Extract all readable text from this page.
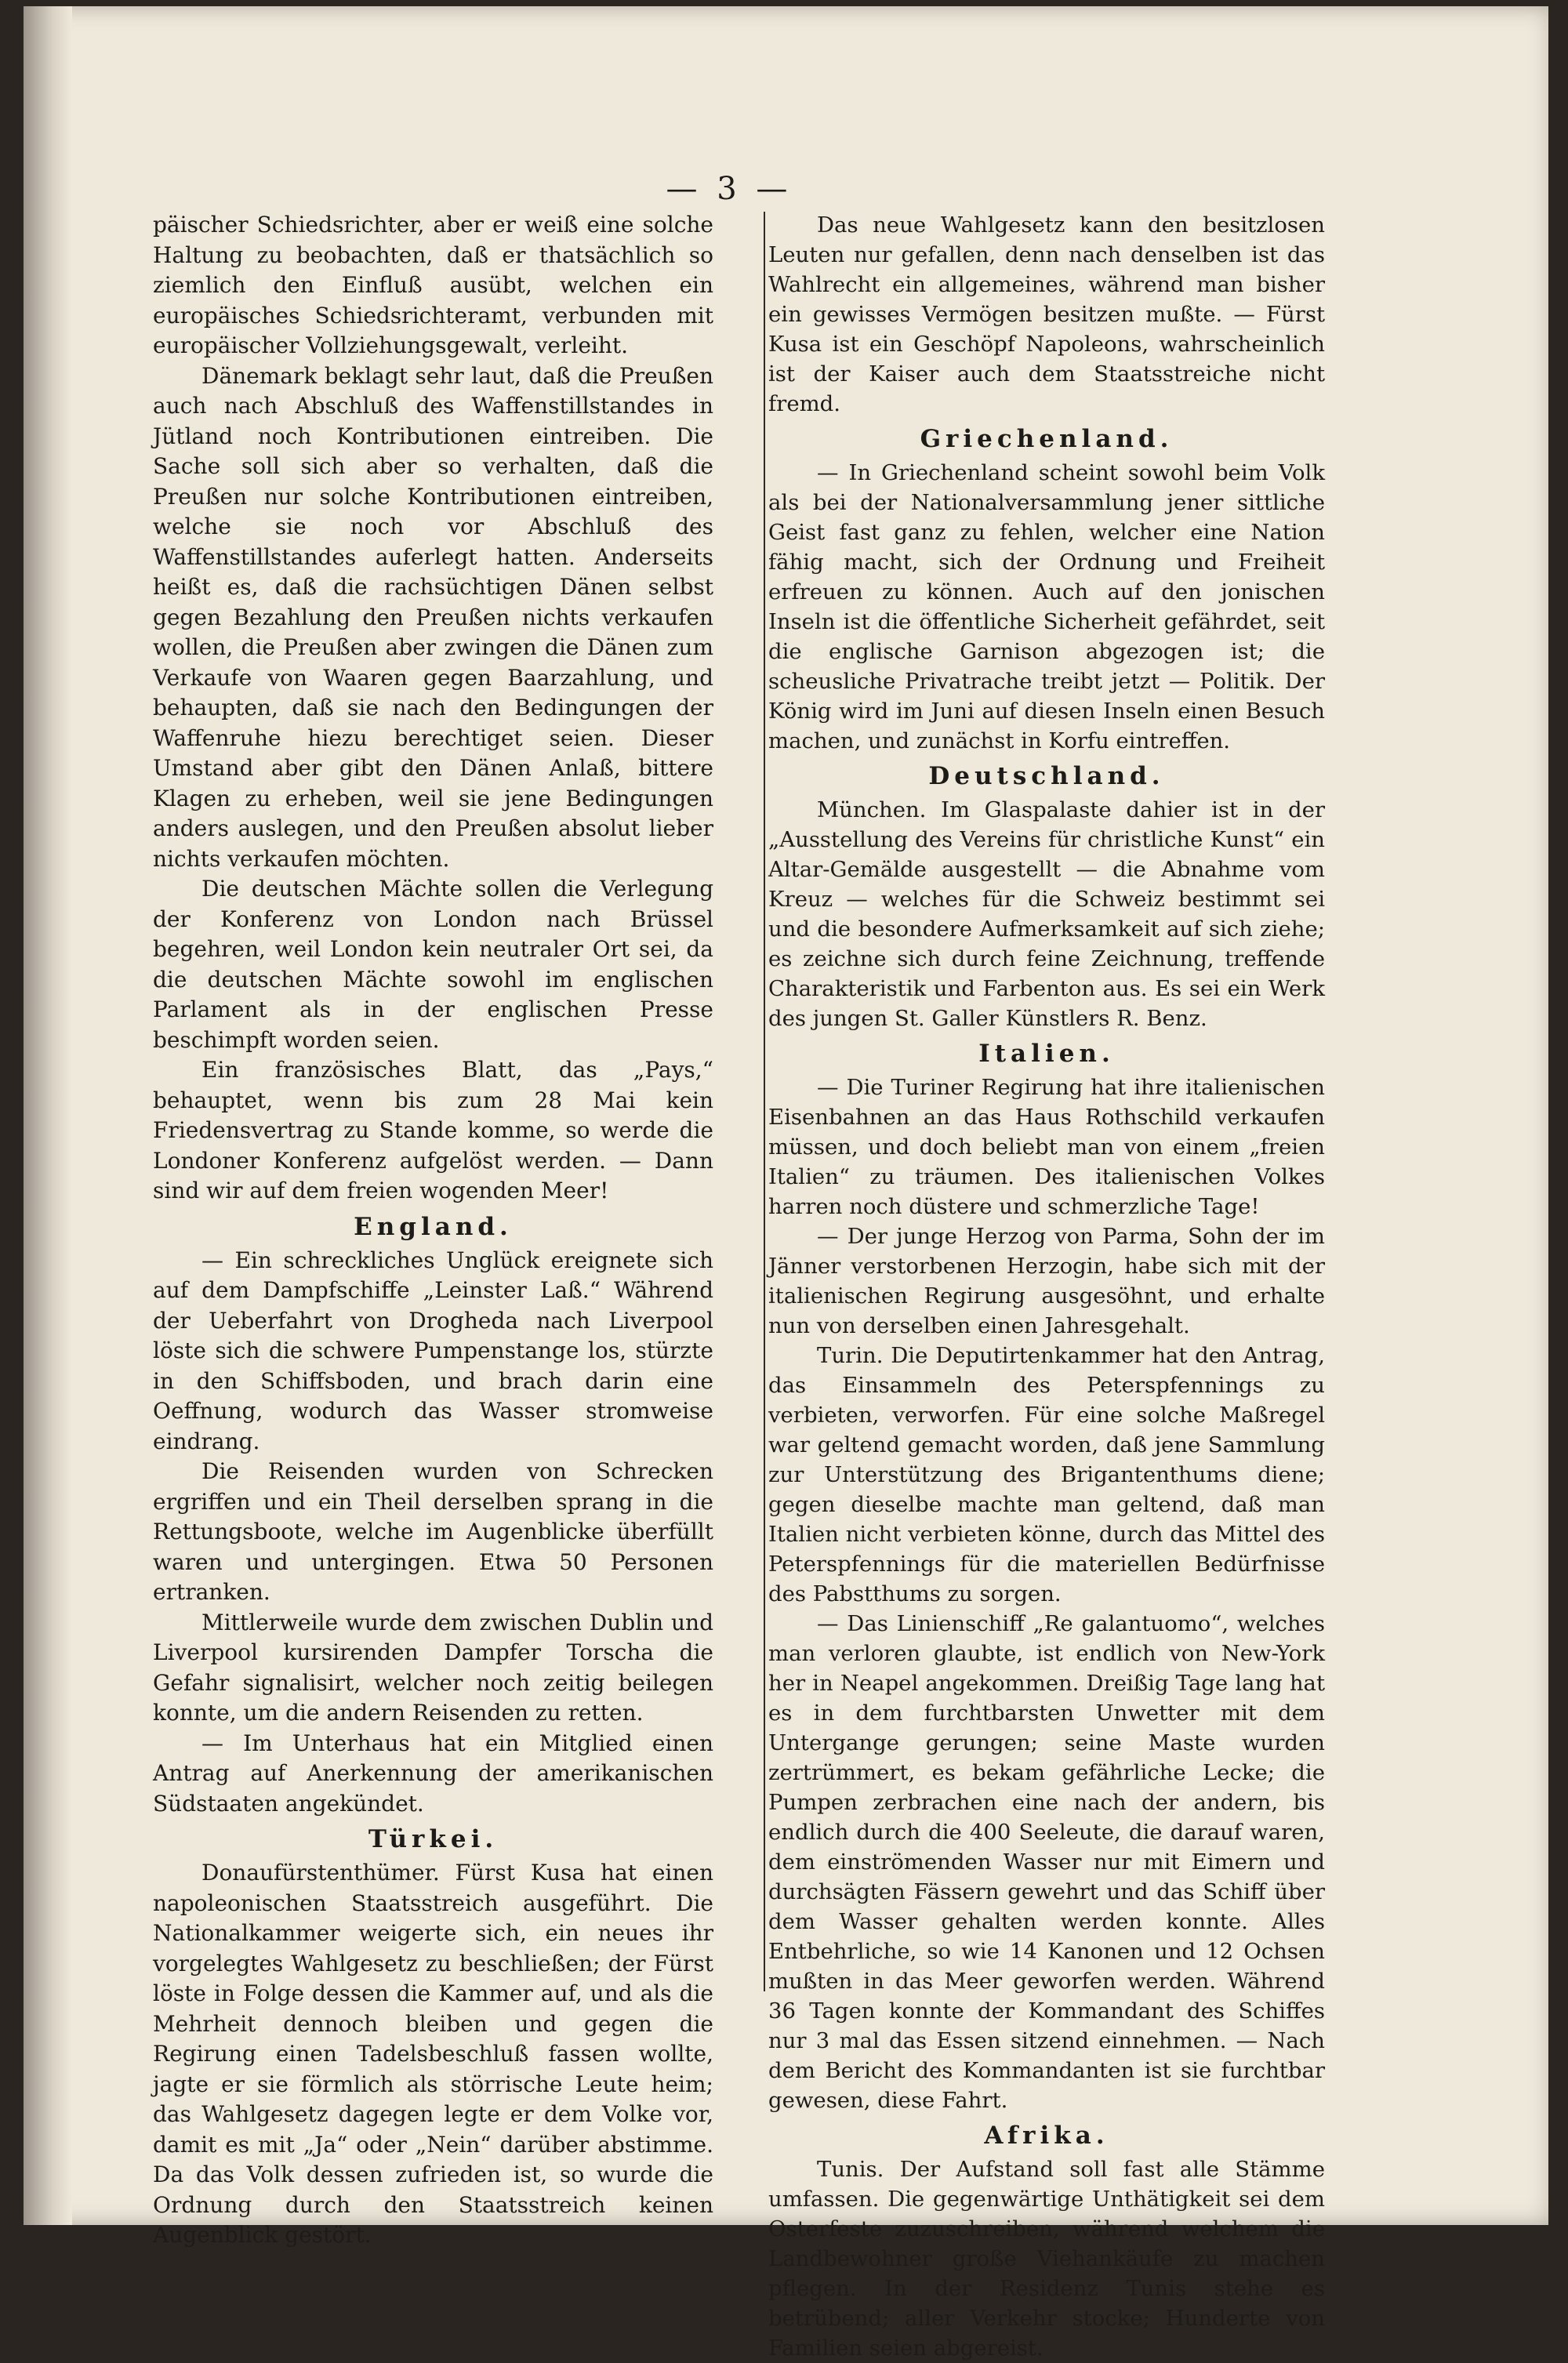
— 3 —

päischer Schiedsrichter, aber er weiß eine solche Haltung zu beobachten, daß er thatsächlich so ziemlich den Einfluß ausübt, welchen ein europäisches Schiedsrichteramt, verbunden mit europäischer Vollziehungsgewalt, verleiht.

Dänemark beklagt sehr laut, daß die Preußen auch nach Abschluß des Waffenstillstandes in Jütland noch Kontributionen eintreiben. Die Sache soll sich aber so verhalten, daß die Preußen nur solche Kontributionen eintreiben, welche sie noch vor Abschluß des Waffenstillstandes auferlegt hatten. Anderseits heißt es, daß die rachsüchtigen Dänen selbst gegen Bezahlung den Preußen nichts verkaufen wollen, die Preußen aber zwingen die Dänen zum Verkaufe von Waaren gegen Baarzahlung, und behaupten, daß sie nach den Bedingungen der Waffenruhe hiezu berechtiget seien. Dieser Umstand aber gibt den Dänen Anlaß, bittere Klagen zu erheben, weil sie jene Bedingungen anders auslegen, und den Preußen absolut lieber nichts verkaufen möchten.

Die deutschen Mächte sollen die Verlegung der Konferenz von London nach Brüssel begehren, weil London kein neutraler Ort sei, da die deutschen Mächte sowohl im englischen Parlament als in der englischen Presse beschimpft worden seien.

Ein französisches Blatt, das „Pays,“ behauptet, wenn bis zum 28 Mai kein Friedensvertrag zu Stande komme, so werde die Londoner Konferenz aufgelöst werden. — Dann sind wir auf dem freien wogenden Meer!

England.

— Ein schreckliches Unglück ereignete sich auf dem Dampfschiffe „Leinster Laß.“ Während der Ueberfahrt von Drogheda nach Liverpool löste sich die schwere Pumpenstange los, stürzte in den Schiffsboden, und brach darin eine Oeffnung, wodurch das Wasser stromweise eindrang.

Die Reisenden wurden von Schrecken ergriffen und ein Theil derselben sprang in die Rettungsboote, welche im Augenblicke überfüllt waren und untergingen. Etwa 50 Personen ertranken.

Mittlerweile wurde dem zwischen Dublin und Liverpool kursirenden Dampfer Torscha die Gefahr signalisirt, welcher noch zeitig beilegen konnte, um die andern Reisenden zu retten.

— Im Unterhaus hat ein Mitglied einen Antrag auf Anerkennung der amerikanischen Südstaaten angekündet.

Türkei.

Donaufürstenthümer. Fürst Kusa hat einen napoleonischen Staatsstreich ausgeführt. Die Nationalkammer weigerte sich, ein neues ihr vorgelegtes Wahlgesetz zu beschließen; der Fürst löste in Folge dessen die Kammer auf, und als die Mehrheit dennoch bleiben und gegen die Regirung einen Tadelsbeschluß fassen wollte, jagte er sie förmlich als störrische Leute heim; das Wahlgesetz dagegen legte er dem Volke vor, damit es mit „Ja“ oder „Nein“ darüber abstimme. Da das Volk dessen zufrieden ist, so wurde die Ordnung durch den Staatsstreich keinen Augenblick gestört.

Das neue Wahlgesetz kann den besitzlosen Leuten nur gefallen, denn nach denselben ist das Wahlrecht ein allgemeines, während man bisher ein gewisses Vermögen besitzen mußte. — Fürst Kusa ist ein Geschöpf Napoleons, wahrscheinlich ist der Kaiser auch dem Staatsstreiche nicht fremd.

Griechenland.

— In Griechenland scheint sowohl beim Volk als bei der Nationalversammlung jener sittliche Geist fast ganz zu fehlen, welcher eine Nation fähig macht, sich der Ordnung und Freiheit erfreuen zu können. Auch auf den jonischen Inseln ist die öffentliche Sicherheit gefährdet, seit die englische Garnison abgezogen ist; die scheusliche Privatrache treibt jetzt — Politik. Der König wird im Juni auf diesen Inseln einen Besuch machen, und zunächst in Korfu eintreffen.

Deutschland.

München. Im Glaspalaste dahier ist in der „Ausstellung des Vereins für christliche Kunst“ ein Altar-Gemälde ausgestellt — die Abnahme vom Kreuz — welches für die Schweiz bestimmt sei und die besondere Aufmerksamkeit auf sich ziehe; es zeichne sich durch feine Zeichnung, treffende Charakteristik und Farbenton aus. Es sei ein Werk des jungen St. Galler Künstlers R. Benz.

Italien.

— Die Turiner Regirung hat ihre italienischen Eisenbahnen an das Haus Rothschild verkaufen müssen, und doch beliebt man von einem „freien Italien“ zu träumen. Des italienischen Volkes harren noch düstere und schmerzliche Tage!

— Der junge Herzog von Parma, Sohn der im Jänner verstorbenen Herzogin, habe sich mit der italienischen Regirung ausgesöhnt, und erhalte nun von derselben einen Jahresgehalt.

Turin. Die Deputirtenkammer hat den Antrag, das Einsammeln des Peterspfennings zu verbieten, verworfen. Für eine solche Maßregel war geltend gemacht worden, daß jene Sammlung zur Unterstützung des Brigantenthums diene; gegen dieselbe machte man geltend, daß man Italien nicht verbieten könne, durch das Mittel des Peterspfennings für die materiellen Bedürfnisse des Pabstthums zu sorgen.

— Das Linienschiff „Re galantuomo“, welches man verloren glaubte, ist endlich von New-York her in Neapel angekommen. Dreißig Tage lang hat es in dem furchtbarsten Unwetter mit dem Untergange gerungen; seine Maste wurden zertrümmert, es bekam gefährliche Lecke; die Pumpen zerbrachen eine nach der andern, bis endlich durch die 400 Seeleute, die darauf waren, dem einströmenden Wasser nur mit Eimern und durchsägten Fässern gewehrt und das Schiff über dem Wasser gehalten werden konnte. Alles Entbehrliche, so wie 14 Kanonen und 12 Ochsen mußten in das Meer geworfen werden. Während 36 Tagen konnte der Kommandant des Schiffes nur 3 mal das Essen sitzend einnehmen. — Nach dem Bericht des Kommandanten ist sie furchtbar gewesen, diese Fahrt.

Afrika.

Tunis. Der Aufstand soll fast alle Stämme umfassen. Die gegenwärtige Unthätigkeit sei dem Osterfeste zuzuschreiben, während welchem die Landbewohner große Viehankäufe zu machen pflegen. In der Residenz Tunis stehe es betrübend; aller Verkehr stocke; Hunderte von Familien seien abgereist.
